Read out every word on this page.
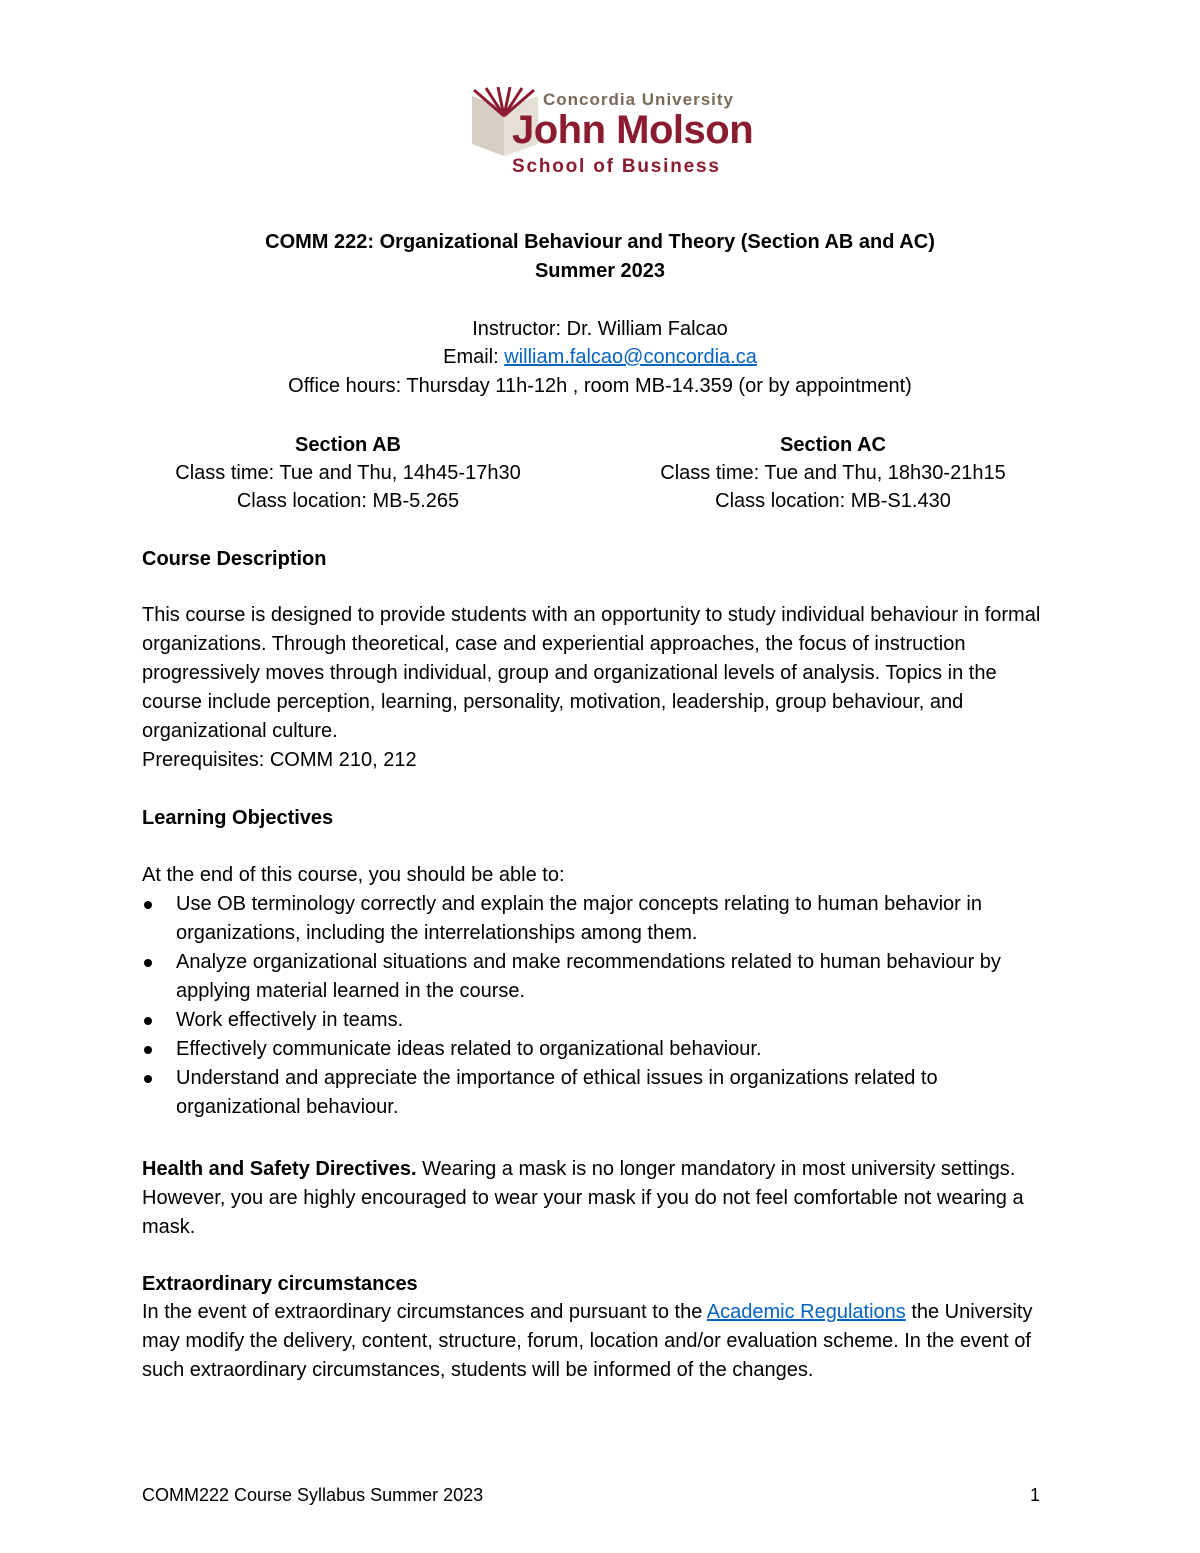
Concordia University
John Molson
School of Business
COMM 222: Organizational Behaviour and Theory (Section AB and AC)
Summer 2023
Instructor: Dr. William Falcao
Email: william.falcao@concordia.ca
Office hours: Thursday 11h-12h , room MB-14.359 (or by appointment)
Section AB
Class time: Tue and Thu, 14h45-17h30
Class location: MB-5.265
Section AC
Class time: Tue and Thu, 18h30-21h15
Class location: MB-S1.430
Course Description
This course is designed to provide students with an opportunity to study individual behaviour in formal organizations. Through theoretical, case and experiential approaches, the focus of instruction progressively moves through individual, group and organizational levels of analysis. Topics in the course include perception, learning, personality, motivation, leadership, group behaviour, and organizational culture.
Prerequisites: COMM 210, 212
Learning Objectives
At the end of this course, you should be able to:
Use OB terminology correctly and explain the major concepts relating to human behavior in organizations, including the interrelationships among them.
Analyze organizational situations and make recommendations related to human behaviour by applying material learned in the course.
Work effectively in teams.
Effectively communicate ideas related to organizational behaviour.
Understand and appreciate the importance of ethical issues in organizations related to organizational behaviour.
Health and Safety Directives. Wearing a mask is no longer mandatory in most university settings. However, you are highly encouraged to wear your mask if you do not feel comfortable not wearing a mask.
Extraordinary circumstances
In the event of extraordinary circumstances and pursuant to the Academic Regulations the University may modify the delivery, content, structure, forum, location and/or evaluation scheme. In the event of such extraordinary circumstances, students will be informed of the changes.
COMM222 Course Syllabus Summer 2023	1
